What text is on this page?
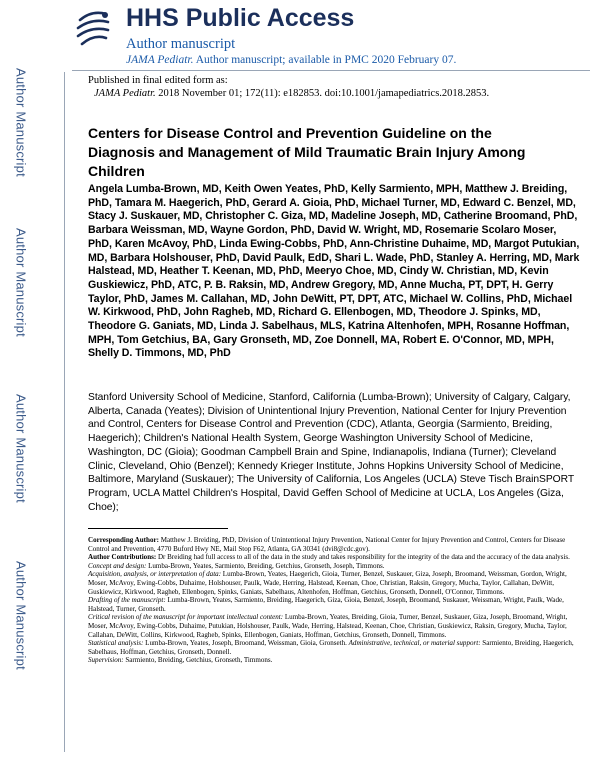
Author Manuscript
Author Manuscript
Author Manuscript
Author Manuscript
HHS Public Access
Author manuscript
JAMA Pediatr. Author manuscript; available in PMC 2020 February 07.
Published in final edited form as:
JAMA Pediatr. 2018 November 01; 172(11): e182853. doi:10.1001/jamapediatrics.2018.2853.
Centers for Disease Control and Prevention Guideline on the Diagnosis and Management of Mild Traumatic Brain Injury Among Children
Angela Lumba-Brown, MD, Keith Owen Yeates, PhD, Kelly Sarmiento, MPH, Matthew J. Breiding, PhD, Tamara M. Haegerich, PhD, Gerard A. Gioia, PhD, Michael Turner, MD, Edward C. Benzel, MD, Stacy J. Suskauer, MD, Christopher C. Giza, MD, Madeline Joseph, MD, Catherine Broomand, PhD, Barbara Weissman, MD, Wayne Gordon, PhD, David W. Wright, MD, Rosemarie Scolaro Moser, PhD, Karen McAvoy, PhD, Linda Ewing-Cobbs, PhD, Ann-Christine Duhaime, MD, Margot Putukian, MD, Barbara Holshouser, PhD, David Paulk, EdD, Shari L. Wade, PhD, Stanley A. Herring, MD, Mark Halstead, MD, Heather T. Keenan, MD, PhD, Meeryo Choe, MD, Cindy W. Christian, MD, Kevin Guskiewicz, PhD, ATC, P. B. Raksin, MD, Andrew Gregory, MD, Anne Mucha, PT, DPT, H. Gerry Taylor, PhD, James M. Callahan, MD, John DeWitt, PT, DPT, ATC, Michael W. Collins, PhD, Michael W. Kirkwood, PhD, John Ragheb, MD, Richard G. Ellenbogen, MD, Theodore J. Spinks, MD, Theodore G. Ganiats, MD, Linda J. Sabelhaus, MLS, Katrina Altenhofen, MPH, Rosanne Hoffman, MPH, Tom Getchius, BA, Gary Gronseth, MD, Zoe Donnell, MA, Robert E. O'Connor, MD, MPH, Shelly D. Timmons, MD, PhD
Stanford University School of Medicine, Stanford, California (Lumba-Brown); University of Calgary, Calgary, Alberta, Canada (Yeates); Division of Unintentional Injury Prevention, National Center for Injury Prevention and Control, Centers for Disease Control and Prevention (CDC), Atlanta, Georgia (Sarmiento, Breiding, Haegerich); Children's National Health System, George Washington University School of Medicine, Washington, DC (Gioia); Goodman Campbell Brain and Spine, Indianapolis, Indiana (Turner); Cleveland Clinic, Cleveland, Ohio (Benzel); Kennedy Krieger Institute, Johns Hopkins University School of Medicine, Baltimore, Maryland (Suskauer); The University of California, Los Angeles (UCLA) Steve Tisch BrainSPORT Program, UCLA Mattel Children's Hospital, David Geffen School of Medicine at UCLA, Los Angeles (Giza, Choe);

Corresponding Author: Matthew J. Breiding, PhD, Division of Unintentional Injury Prevention, National Center for Injury Prevention and Control, Centers for Disease Control and Prevention, 4770 Buford Hwy NE, Mail Stop F62, Atlanta, GA 30341 (dvi8@cdc.gov).

Author Contributions: Dr Breiding had full access to all of the data in the study and takes responsibility for the integrity of the data and the accuracy of the data analysis.

Concept and design: Lumba-Brown, Yeates, Sarmiento, Breiding, Getchius, Gronseth, Joseph, Timmons.

Acquisition, analysis, or interpretation of data: Lumba-Brown, Yeates, Haegerich, Gioia, Turner, Benzel, Suskauer, Giza, Joseph, Broomand, Weissman, Gordon, Wright, Moser, McAvoy, Ewing-Cobbs, Duhaime, Holshouser, Paulk, Wade, Herring, Halstead, Keenan, Choe, Christian, Raksin, Gregory, Mucha, Taylor, Callahan, DeWitt, Guskiewicz, Kirkwood, Ragheb, Ellenbogen, Spinks, Ganiats, Sabelhaus, Altenhofen, Hoffman, Getchius, Gronseth, Donnell, O'Connor, Timmons.

Drafting of the manuscript: Lumba-Brown, Yeates, Sarmiento, Breiding, Haegerich, Giza, Gioia, Benzel, Joseph, Broomand, Suskauer, Weissman, Wright, Paulk, Wade, Halstead, Turner, Gronseth.

Critical revision of the manuscript for important intellectual content: Lumba-Brown, Yeates, Breiding, Gioia, Turner, Benzel, Suskauer, Giza, Joseph, Broomand, Wright, Moser, McAvoy, Ewing-Cobbs, Duhaime, Putukian, Holshouser, Paulk, Wade, Herring, Halstead, Keenan, Choe, Christian, Guskiewicz, Raksin, Gregory, Mucha, Taylor, Callahan, DeWitt, Collins, Kirkwood, Ragheb, Spinks, Ellenbogen, Ganiats, Hoffman, Getchius, Gronseth, Donnell, Timmons.

Statistical analysis: Lumba-Brown, Yeates, Joseph, Broomand, Weissman, Gioia, Gronseth. Administrative, technical, or material support: Sarmiento, Breiding, Haegerich, Sabelhaus, Hoffman, Getchius, Gronseth, Donnell.

Supervision: Sarmiento, Breiding, Getchius, Gronseth, Timmons.
